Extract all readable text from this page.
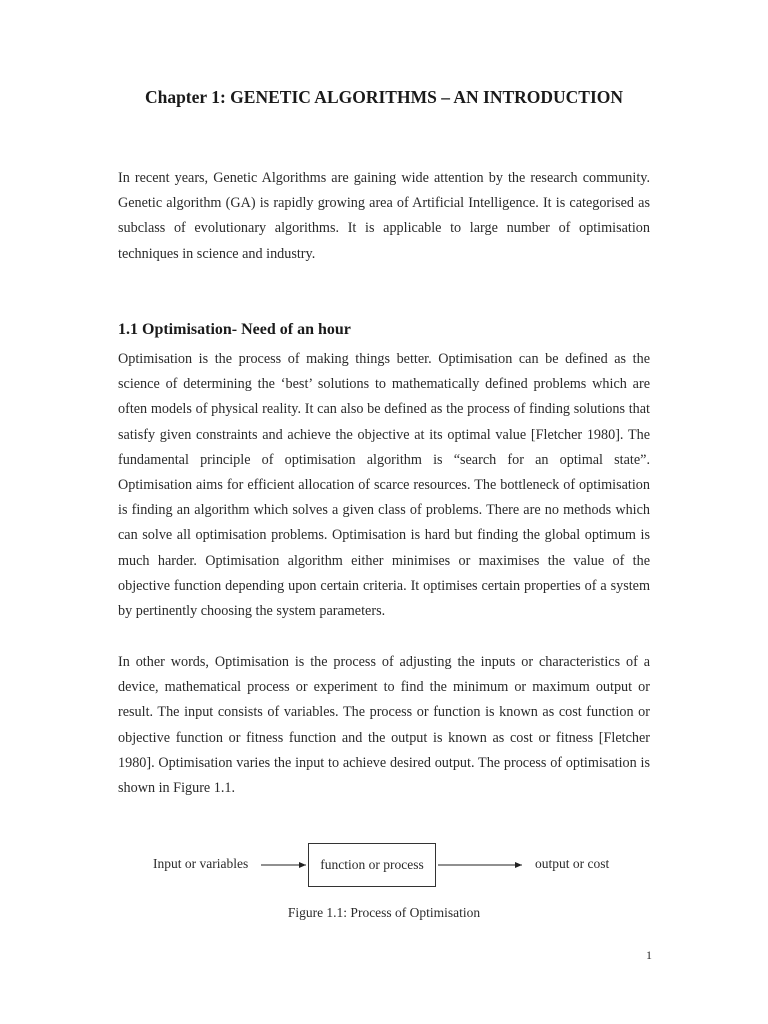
Chapter 1: GENETIC ALGORITHMS – AN INTRODUCTION

In recent years, Genetic Algorithms are gaining wide attention by the research community. Genetic algorithm (GA) is rapidly growing area of Artificial Intelligence. It is categorised as subclass of evolutionary algorithms. It is applicable to large number of optimisation techniques in science and industry.

1.1 Optimisation- Need of an hour

Optimisation is the process of making things better. Optimisation can be defined as the science of determining the ‘best’ solutions to mathematically defined problems which are often models of physical reality. It can also be defined as the process of finding solutions that satisfy given constraints and achieve the objective at its optimal value [Fletcher 1980]. The fundamental principle of optimisation algorithm is “search for an optimal state”. Optimisation aims for efficient allocation of scarce resources. The bottleneck of optimisation is finding an algorithm which solves a given class of problems. There are no methods which can solve all optimisation problems. Optimisation is hard but finding the global optimum is much harder. Optimisation algorithm either minimises or maximises the value of the objective function depending upon certain criteria. It optimises certain properties of a system by pertinently choosing the system parameters.

In other words, Optimisation is the process of adjusting the inputs or characteristics of a device, mathematical process or experiment to find the minimum or maximum output or result. The input consists of variables. The process or function is known as cost function or objective function or fitness function and the output is known as cost or fitness [Fletcher 1980]. Optimisation varies the input to achieve desired output. The process of optimisation is shown in Figure 1.1.

Input or variables	function or process	output or cost

Figure 1.1: Process of Optimisation

1
